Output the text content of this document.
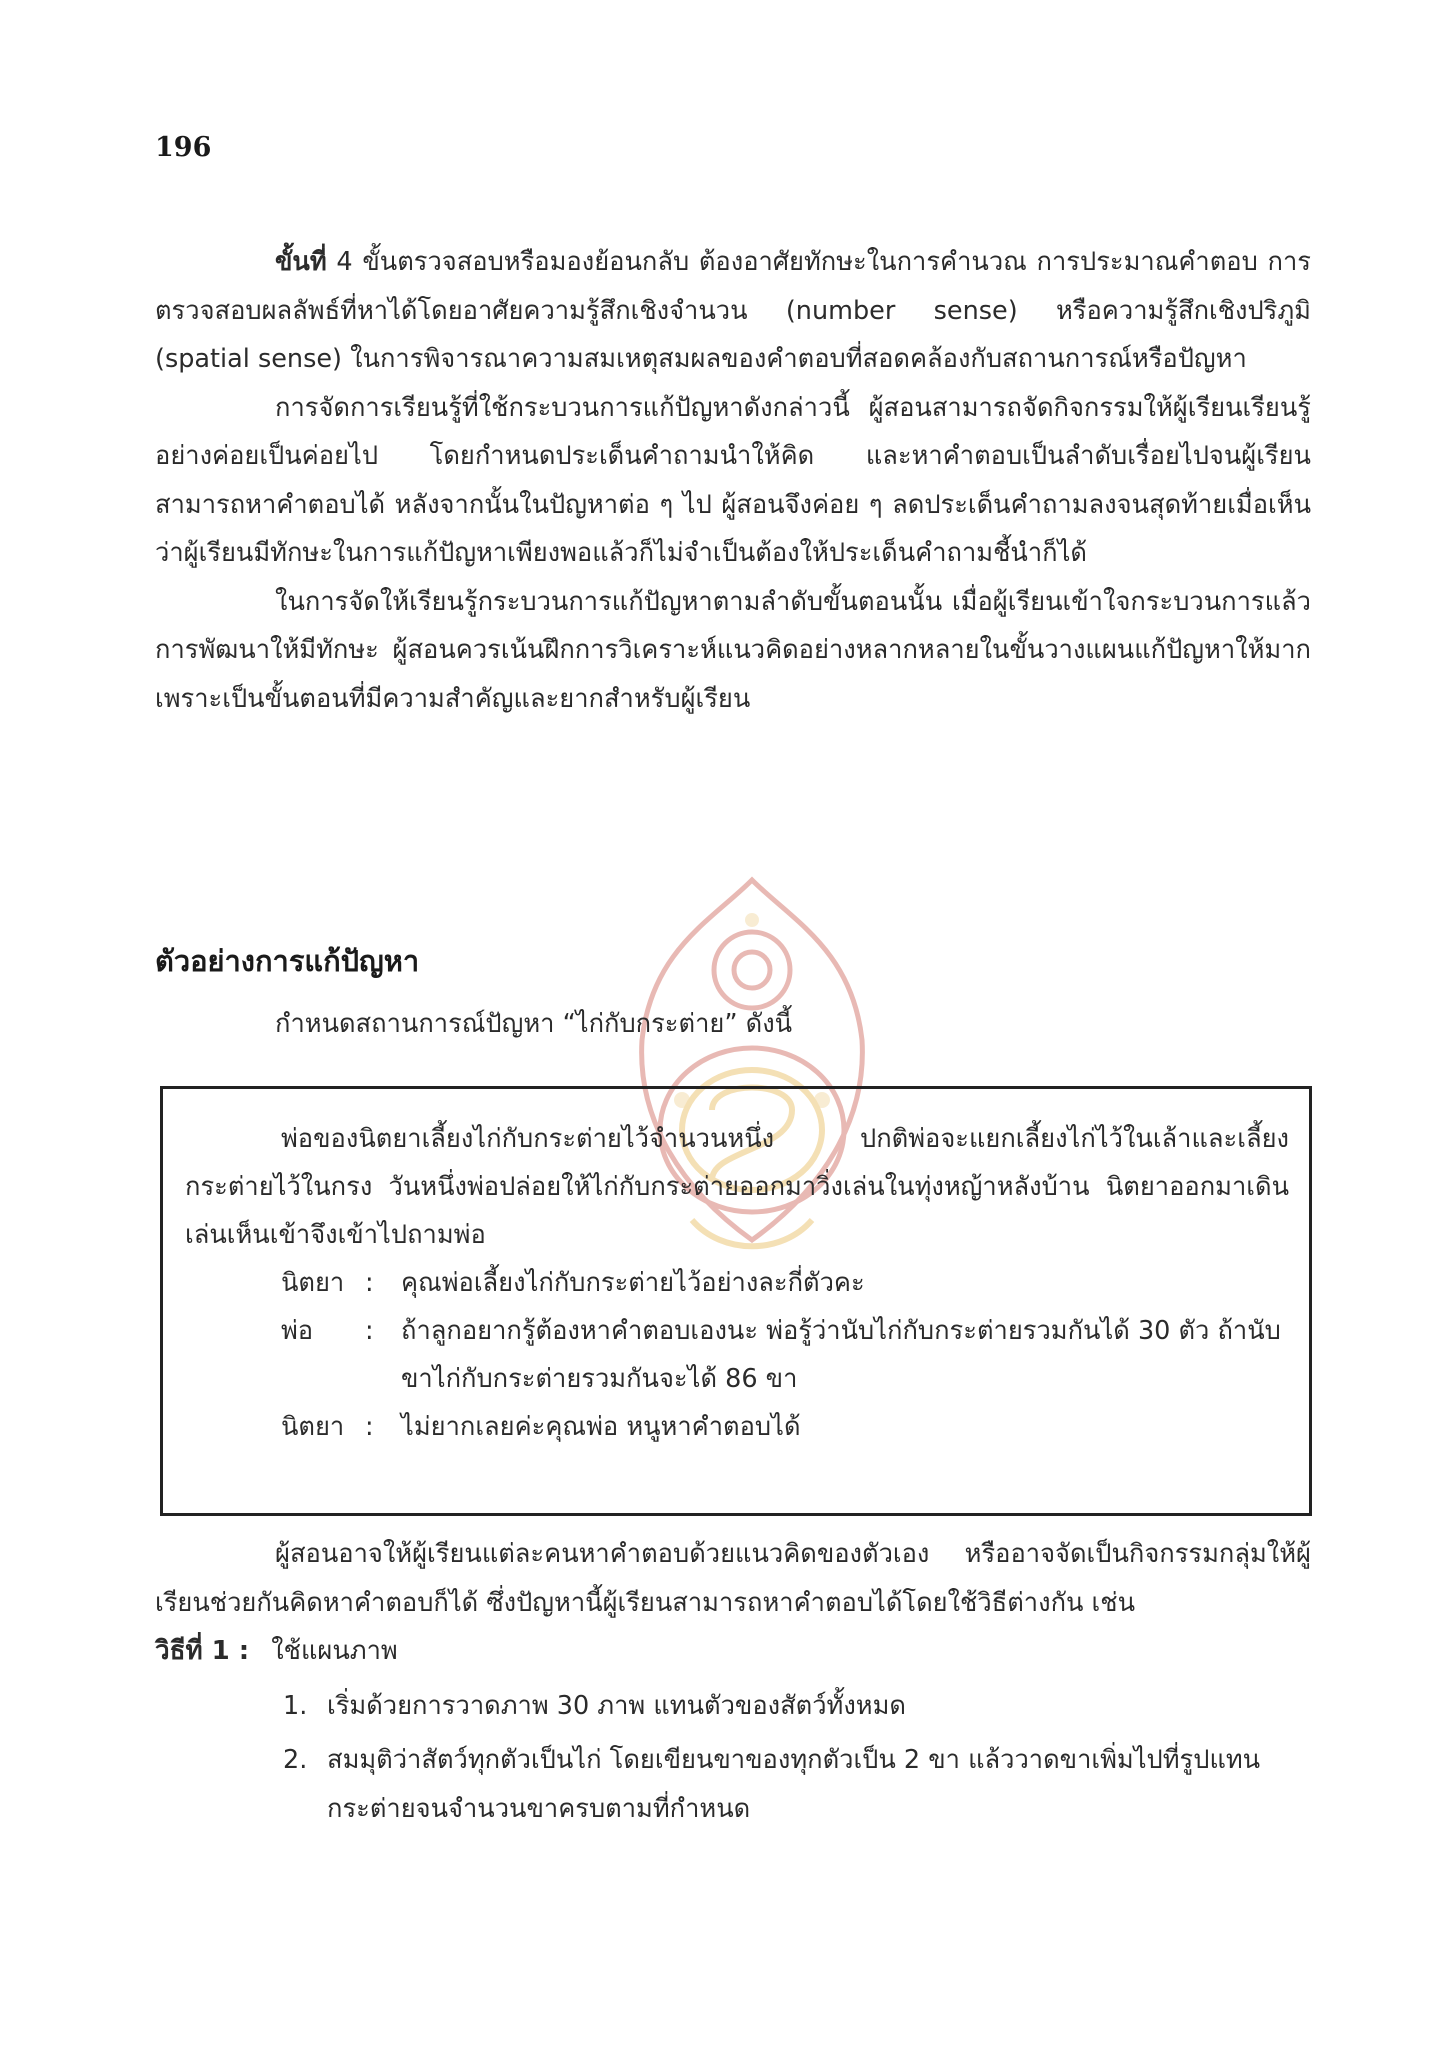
196

ขั้นที่ 4 ขั้นตรวจสอบหรือมองย้อนกลับ ต้องอาศัยทักษะในการคำนวณ การประมาณคำตอบ การตรวจสอบผลลัพธ์ที่หาได้โดยอาศัยความรู้สึกเชิงจำนวน (number sense) หรือความรู้สึกเชิงปริภูมิ (spatial sense) ในการพิจารณาความสมเหตุสมผลของคำตอบที่สอดคล้องกับสถานการณ์หรือปัญหา

การจัดการเรียนรู้ที่ใช้กระบวนการแก้ปัญหาดังกล่าวนี้ ผู้สอนสามารถจัดกิจกรรมให้ผู้เรียนเรียนรู้อย่างค่อยเป็นค่อยไป โดยกำหนดประเด็นคำถามนำให้คิด และหาคำตอบเป็นลำดับเรื่อยไปจนผู้เรียนสามารถหาคำตอบได้ หลังจากนั้นในปัญหาต่อ ๆ ไป ผู้สอนจึงค่อย ๆ ลดประเด็นคำถามลงจนสุดท้ายเมื่อเห็นว่าผู้เรียนมีทักษะในการแก้ปัญหาเพียงพอแล้วก็ไม่จำเป็นต้องให้ประเด็นคำถามชี้นำก็ได้

ในการจัดให้เรียนรู้กระบวนการแก้ปัญหาตามลำดับขั้นตอนนั้น เมื่อผู้เรียนเข้าใจกระบวนการแล้ว การพัฒนาให้มีทักษะ ผู้สอนควรเน้นฝึกการวิเคราะห์แนวคิดอย่างหลากหลายในขั้นวางแผนแก้ปัญหาให้มาก เพราะเป็นขั้นตอนที่มีความสำคัญและยากสำหรับผู้เรียน

ตัวอย่างการแก้ปัญหา
กำหนดสถานการณ์ปัญหา “ไก่กับกระต่าย” ดังนี้

พ่อของนิตยาเลี้ยงไก่กับกระต่ายไว้จำนวนหนึ่ง ปกติพ่อจะแยกเลี้ยงไก่ไว้ในเล้าและเลี้ยงกระต่ายไว้ในกรง วันหนึ่งพ่อปล่อยให้ไก่กับกระต่ายออกมาวิ่งเล่นในทุ่งหญ้าหลังบ้าน นิตยาออกมาเดินเล่นเห็นเข้าจึงเข้าไปถามพ่อ

นิตยา :	คุณพ่อเลี้ยงไก่กับกระต่ายไว้อย่างละกี่ตัวคะ
พ่อ	:	ถ้าลูกอยากรู้ต้องหาคำตอบเองนะ พ่อรู้ว่านับไก่กับกระต่ายรวมกันได้ 30 ตัว ถ้านับขาไก่กับกระต่ายรวมกันจะได้ 86 ขา
นิตยา :	ไม่ยากเลยค่ะคุณพ่อ หนูหาคำตอบได้

ผู้สอนอาจให้ผู้เรียนแต่ละคนหาคำตอบด้วยแนวคิดของตัวเอง หรืออาจจัดเป็นกิจกรรมกลุ่มให้ผู้เรียนช่วยกันคิดหาคำตอบก็ได้ ซึ่งปัญหานี้ผู้เรียนสามารถหาคำตอบได้โดยใช้วิธีต่างกัน เช่น

วิธีที่ 1 : ใช้แผนภาพ
1. เริ่มด้วยการวาดภาพ 30 ภาพ แทนตัวของสัตว์ทั้งหมด
2. สมมุติว่าสัตว์ทุกตัวเป็นไก่ โดยเขียนขาของทุกตัวเป็น 2 ขา แล้ววาดขาเพิ่มไปที่รูปแทนกระต่ายจนจำนวนขาครบตามที่กำหนด
